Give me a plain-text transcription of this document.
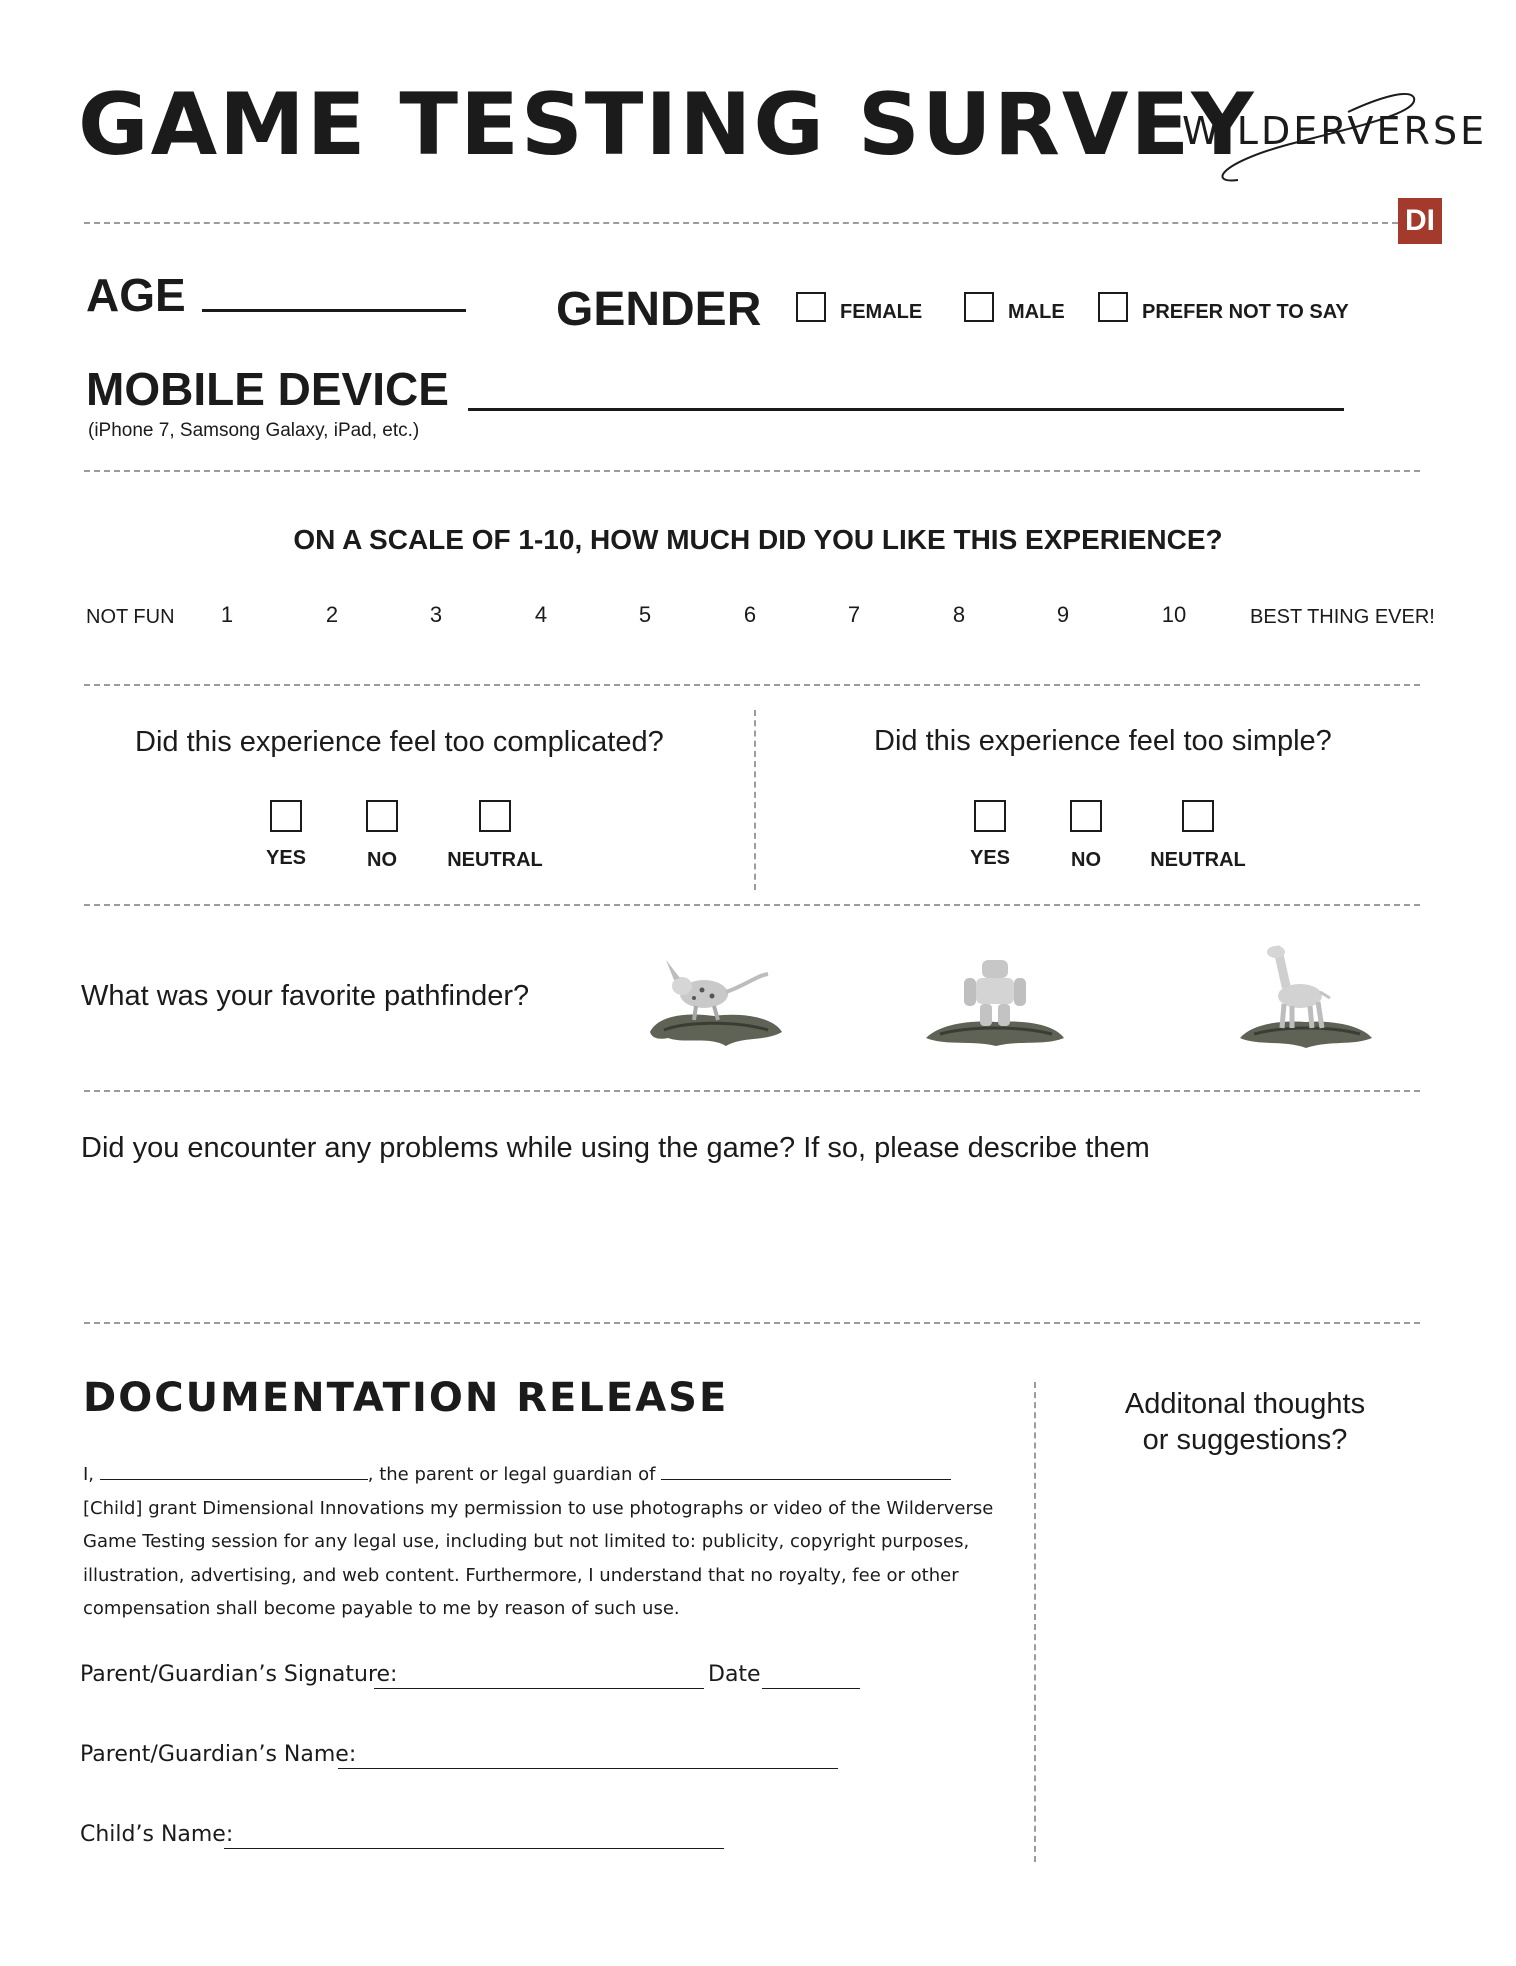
GAME TESTING SURVEY
WILDERVERSE
DI
AGE	GENDER	FEMALE	MALE	PREFER NOT TO SAY
MOBILE DEVICE
(iPhone 7, Samsong Galaxy, iPad, etc.)
ON A SCALE OF 1-10, HOW MUCH DID YOU LIKE THIS EXPERIENCE?
NOT FUN	BEST THING EVER!
1	2	3	4	5	6	7	8	9	10
Did this experience feel too complicated?	Did this experience feel too simple?
YES	NO	NEUTRAL	YES	NO	NEUTRAL
What was your favorite pathfinder?
Did you encounter any problems while using the game? If so, please describe them
DOCUMENTATION RELEASE
I,	, the parent or legal guardian of  [Child] grant Dimensional Innovations my permission to use photographs or video of the Wilderverse Game Testing session for any legal use, including but not limited to: publicity, copyright purposes, illustration, advertising, and web content. Furthermore, I understand that no royalty, fee or other compensation shall become payable to me by reason of such use.
Parent/Guardian’s Signature:	Date
Parent/Guardian’s Name:
Child’s Name:
Additonal thoughts
or suggestions?
